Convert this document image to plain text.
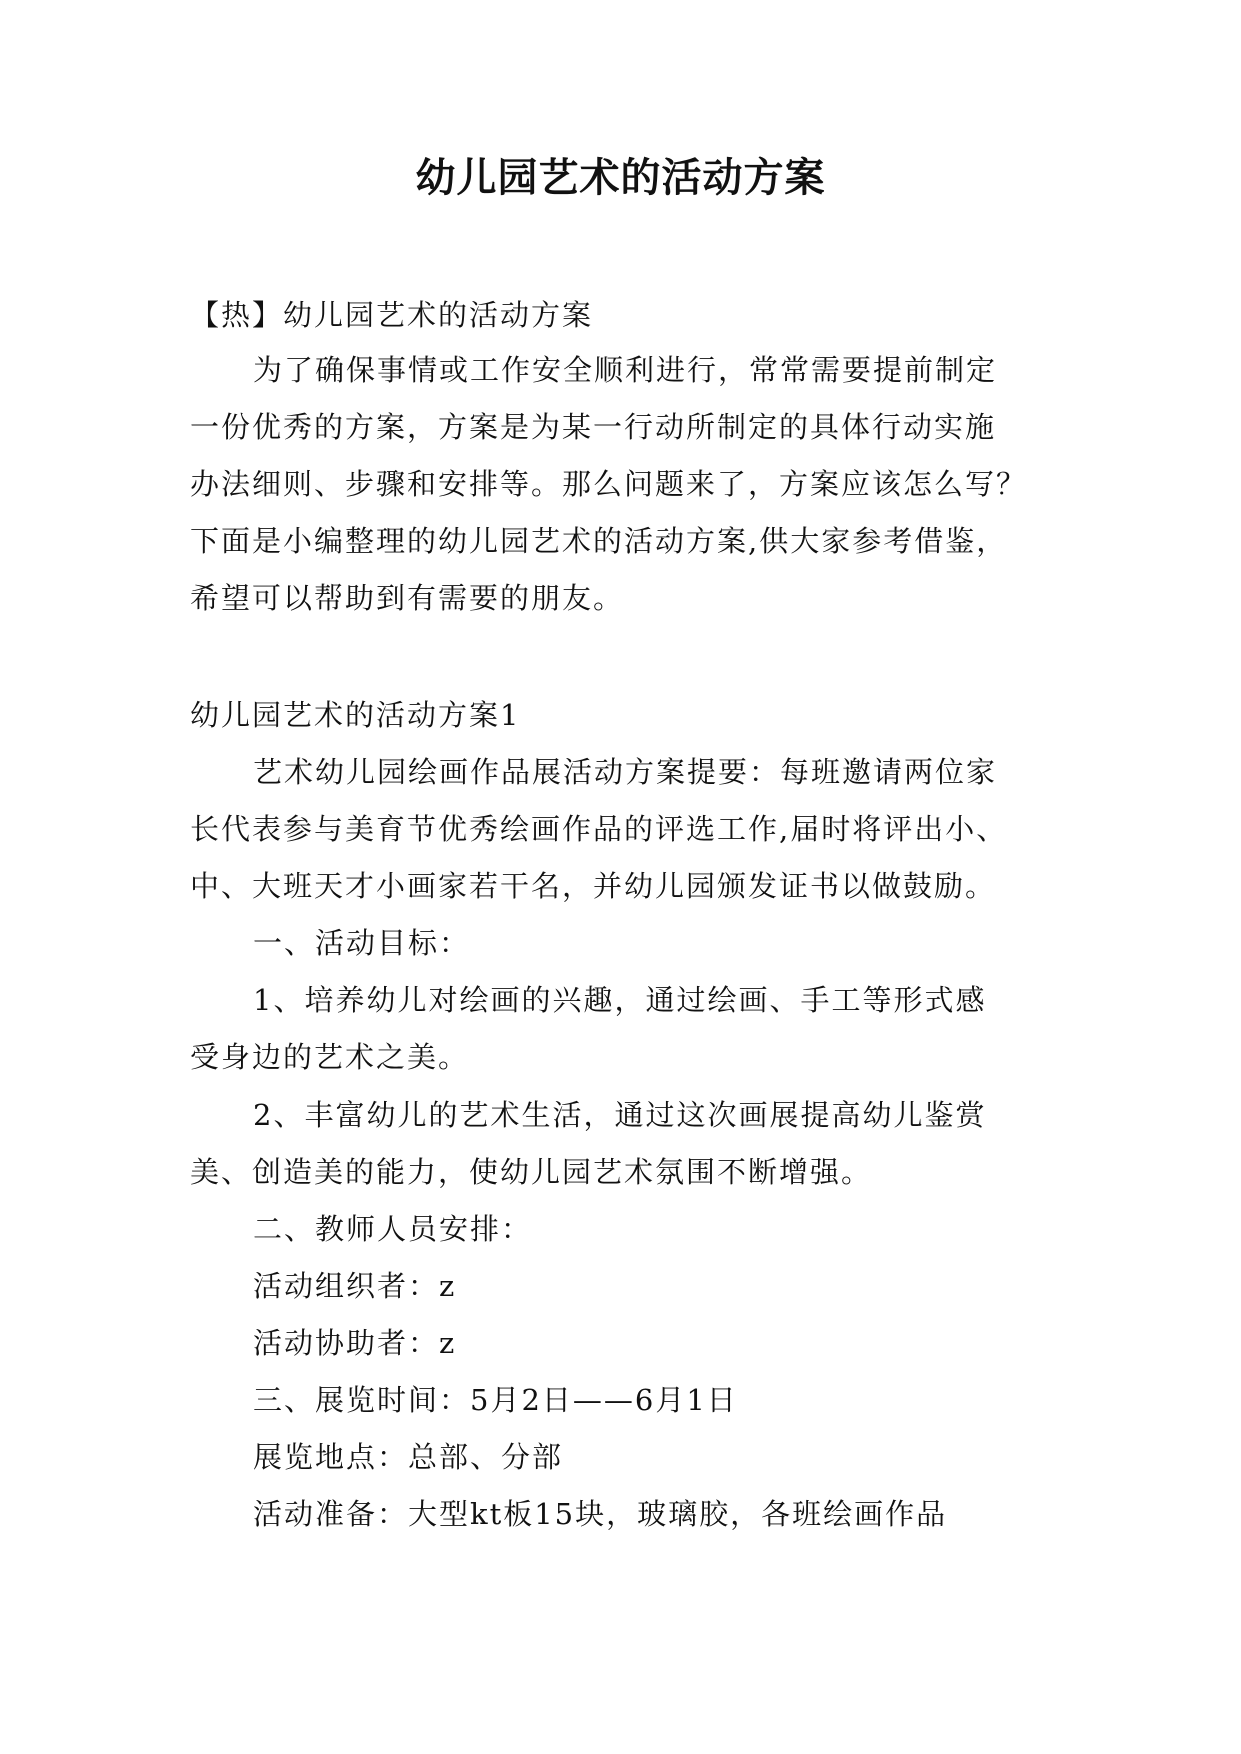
幼儿园艺术的活动方案
【热】幼儿园艺术的活动方案
为了确保事情或工作安全顺利进行，常常需要提前制定
一份优秀的方案，方案是为某一行动所制定的具体行动实施
办法细则、步骤和安排等。那么问题来了，方案应该怎么写？
下面是小编整理的幼儿园艺术的活动方案,供大家参考借鉴，
希望可以帮助到有需要的朋友。
幼儿园艺术的活动方案1
艺术幼儿园绘画作品展活动方案提要：每班邀请两位家
长代表参与美育节优秀绘画作品的评选工作,届时将评出小、
中、大班天才小画家若干名，并幼儿园颁发证书以做鼓励。
一、活动目标：
1、培养幼儿对绘画的兴趣，通过绘画、手工等形式感
受身边的艺术之美。
2、丰富幼儿的艺术生活，通过这次画展提高幼儿鉴赏
美、创造美的能力，使幼儿园艺术氛围不断增强。
二、教师人员安排：
活动组织者：z
活动协助者：z
三、展览时间：5月2日——6月1日
展览地点：总部、分部
活动准备：大型kt板15块，玻璃胶，各班绘画作品
